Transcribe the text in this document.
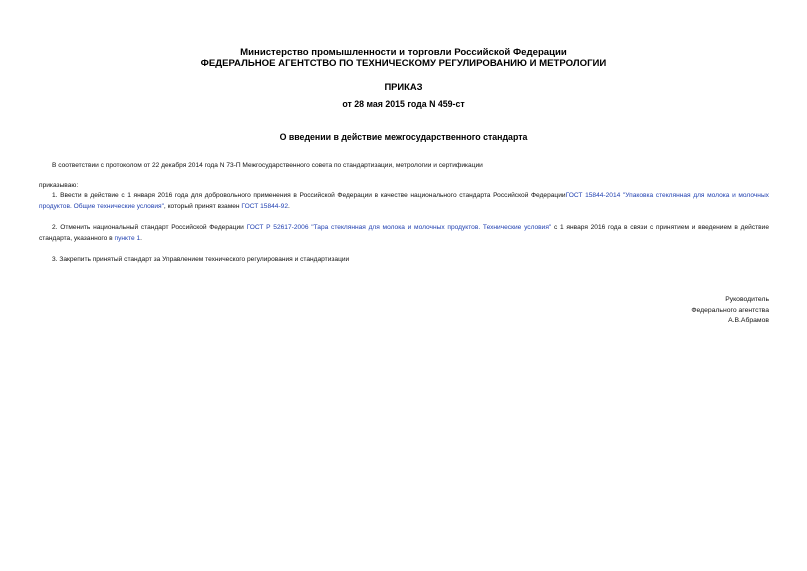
Министерство промышленности и торговли Российской Федерации
ФЕДЕРАЛЬНОЕ АГЕНТСТВО ПО ТЕХНИЧЕСКОМУ РЕГУЛИРОВАНИЮ И МЕТРОЛОГИИ
ПРИКАЗ
от 28 мая 2015 года N 459-ст
О введении в действие межгосударственного стандарта
В соответствии с протоколом от 22 декабря 2014 года N 73-П Межгосударственного совета по стандартизации, метрологии и сертификации
приказываю:
1. Ввести в действие с 1 января 2016 года для добровольного применения в Российской Федерации в качестве национального стандарта Российской ФедерацииГОСТ 15844-2014 "Упаковка стеклянная для молока и молочных продуктов. Общие технические условия", который принят взамен ГОСТ 15844-92.
2. Отменить национальный стандарт Российской Федерации ГОСТ Р 52617-2006 "Тара стеклянная для молока и молочных продуктов. Технические условия" с 1 января 2016 года в связи с принятием и введением в действие стандарта, указанного в пункте 1.
3. Закрепить принятый стандарт за Управлением технического регулирования и стандартизации
Руководитель
Федерального агентства
А.В.Абрамов
